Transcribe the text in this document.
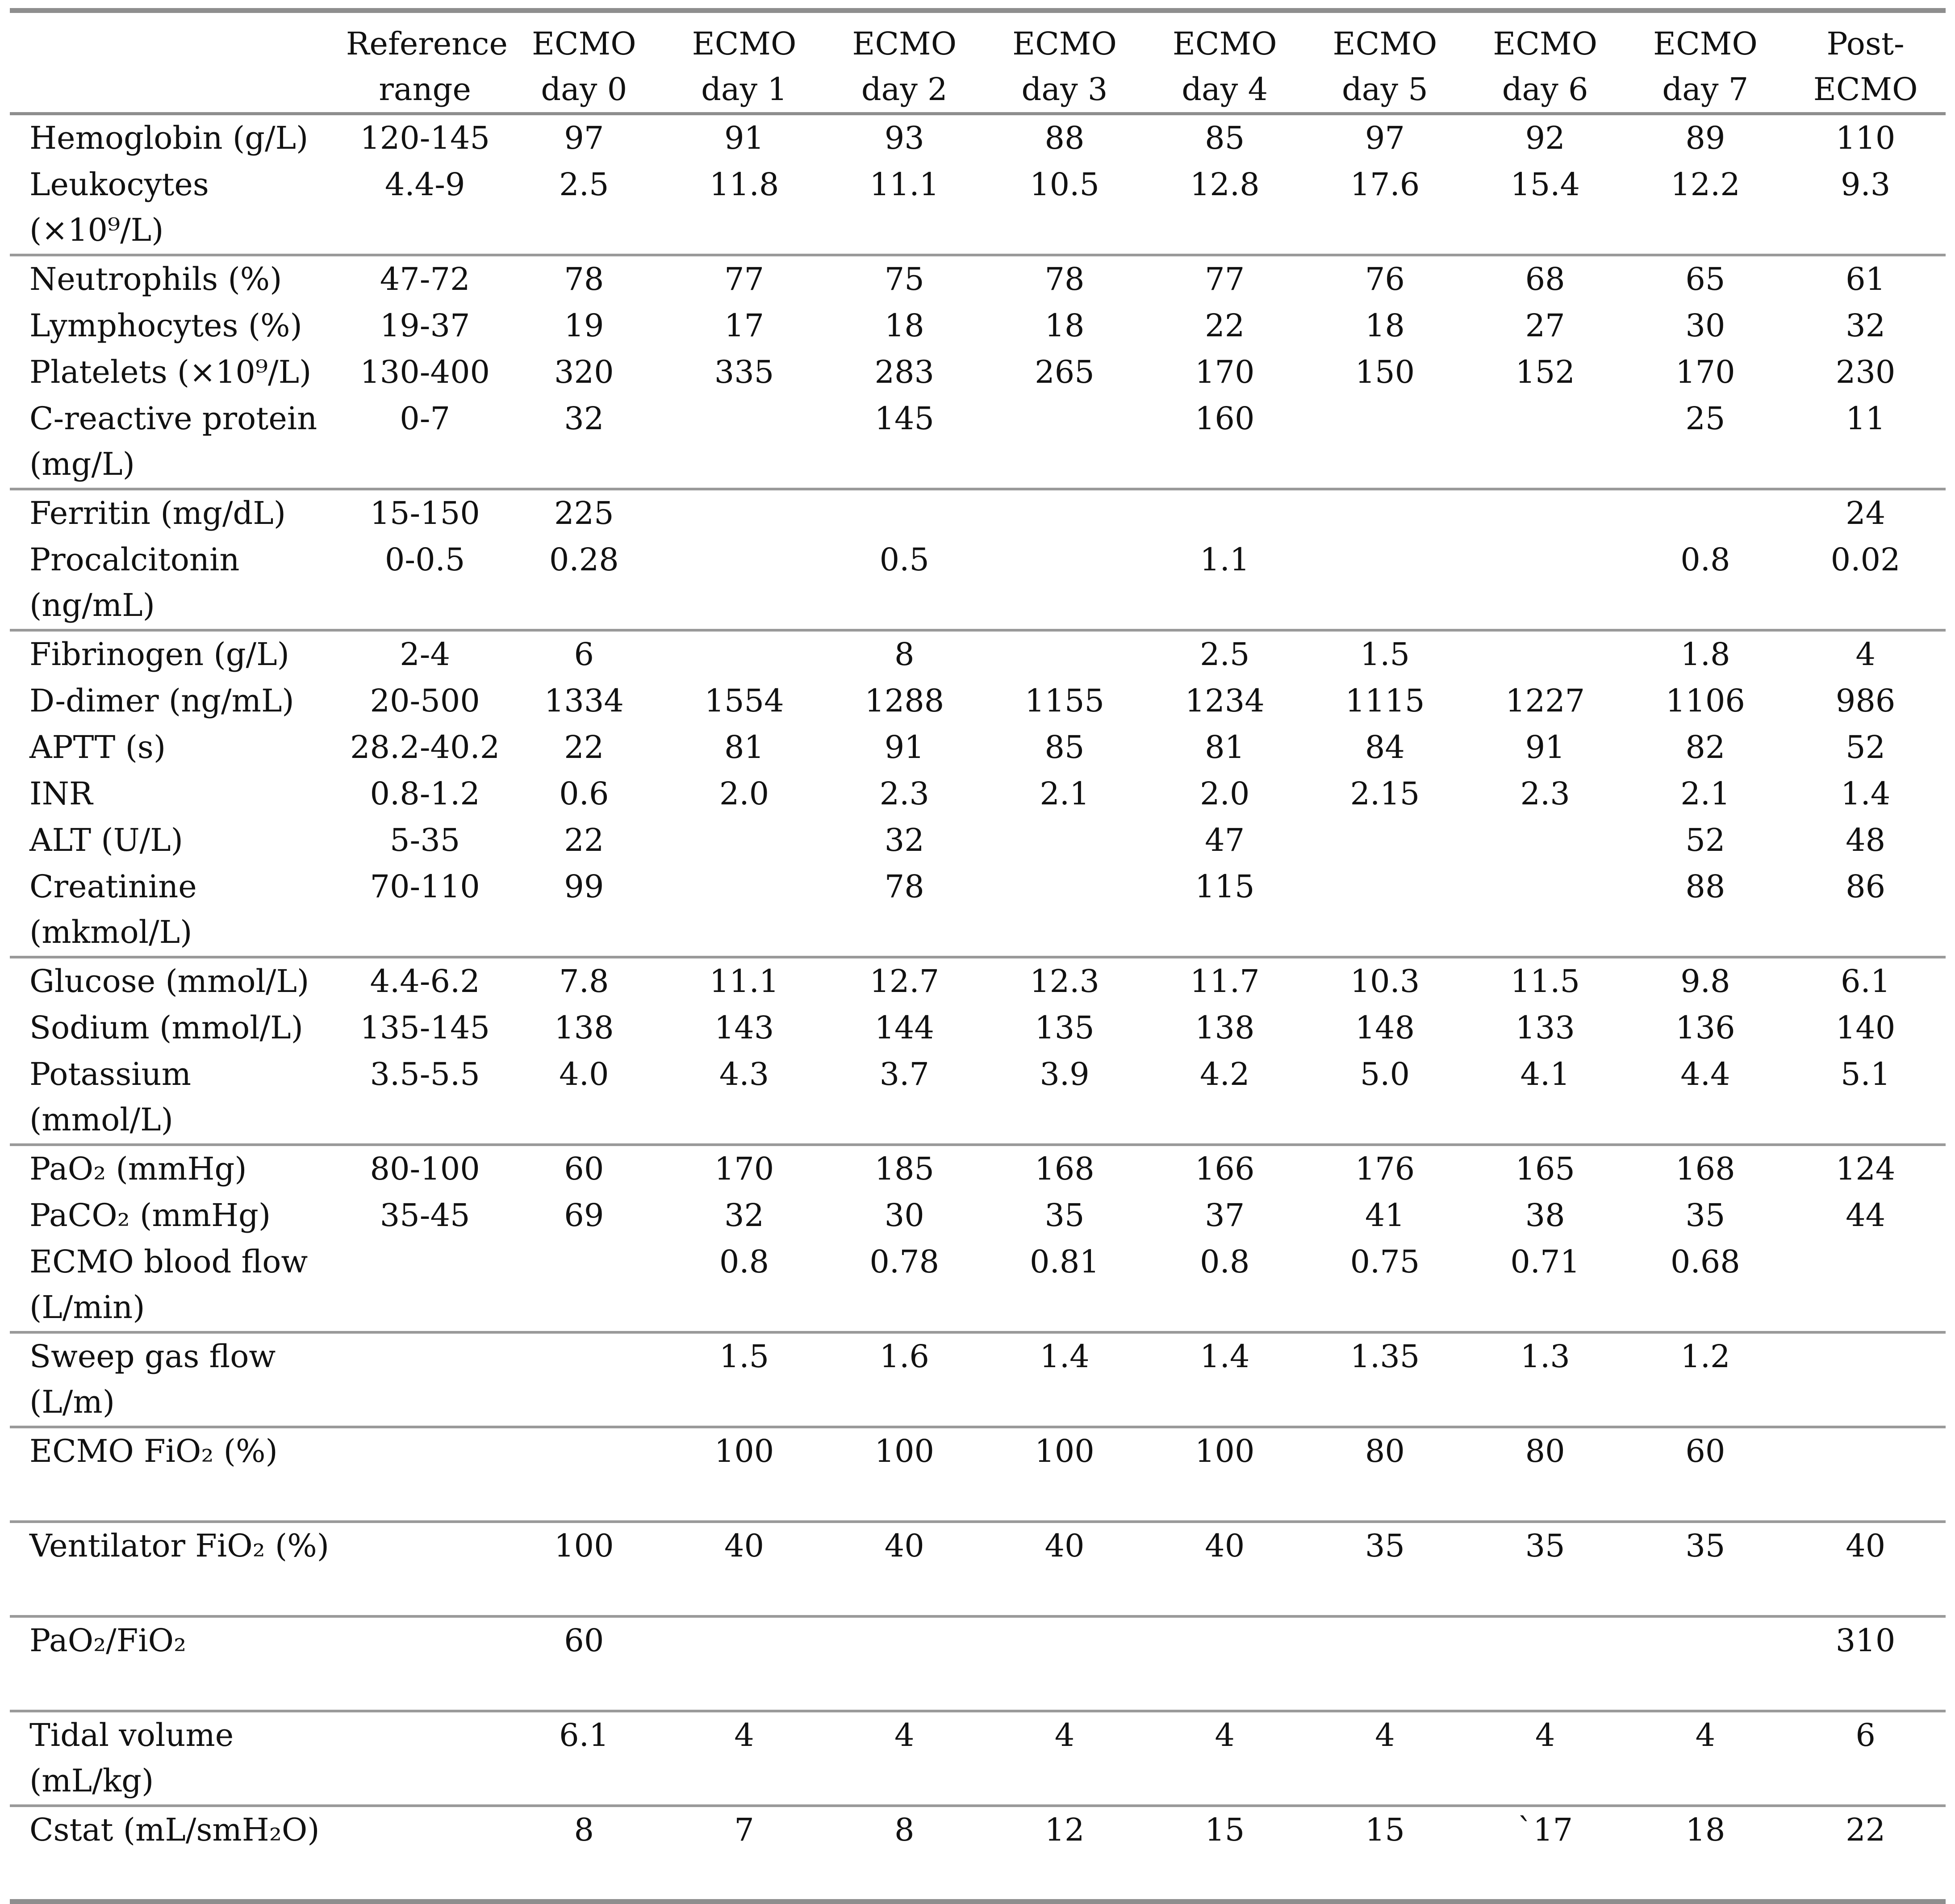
	Reference range	ECMO day 0	ECMO day 1	ECMO day 2	ECMO day 3	ECMO day 4	ECMO day 5	ECMO day 6	ECMO day 7	Post-ECMO

Hemoglobin (g/L)	120-145	97	91	93	88	85	97	92	89	110

Leukocytes (×10⁹/L)	4.4-9	2.5	11.8	11.1	10.5	12.8	17.6	15.4	12.2	9.3

Neutrophils (%)	47-72	78	77	75	78	77	76	68	65	61

Lymphocytes (%)	19-37	19	17	18	18	22	18	27	30	32

Platelets (×10⁹/L)	130-400	320	335	283	265	170	150	152	170	230

C-reactive protein (mg/L)	0-7	32		145		160			25	11

Ferritin (mg/dL)	15-150	225								24

Procalcitonin (ng/mL)	0-0.5	0.28		0.5		1.1			0.8	0.02

Fibrinogen (g/L)	2-4	6		8		2.5	1.5		1.8	4

D-dimer (ng/mL)	20-500	1334	1554	1288	1155	1234	1115	1227	1106	986

APTT (s)	28.2-40.2	22	81	91	85	81	84	91	82	52

INR	0.8-1.2	0.6	2.0	2.3	2.1	2.0	2.15	2.3	2.1	1.4

ALT (U/L)	5-35	22		32		47			52	48

Creatinine (mkmol/L)	70-110	99		78		115			88	86

Glucose (mmol/L)	4.4-6.2	7.8	11.1	12.7	12.3	11.7	10.3	11.5	9.8	6.1

Sodium (mmol/L)	135-145	138	143	144	135	138	148	133	136	140

Potassium (mmol/L)	3.5-5.5	4.0	4.3	3.7	3.9	4.2	5.0	4.1	4.4	5.1

PaO₂ (mmHg)	80-100	60	170	185	168	166	176	165	168	124

PaCO₂ (mmHg)	35-45	69	32	30	35	37	41	38	35	44

ECMO blood flow (L/min)			0.8	0.78	0.81	0.8	0.75	0.71	0.68	

Sweep gas flow (L/m)			1.5	1.6	1.4	1.4	1.35	1.3	1.2	

ECMO FiO₂ (%)			100	100	100	100	80	80	60	

Ventilator FiO₂ (%)		100	40	40	40	40	35	35	35	40

PaO₂/FiO₂		60								310

Tidal volume (mL/kg)		6.1	4	4	4	4	4	4	4	6

Cstat (mL/smH₂O)		8	7	8	12	15	15	`17	18	22
